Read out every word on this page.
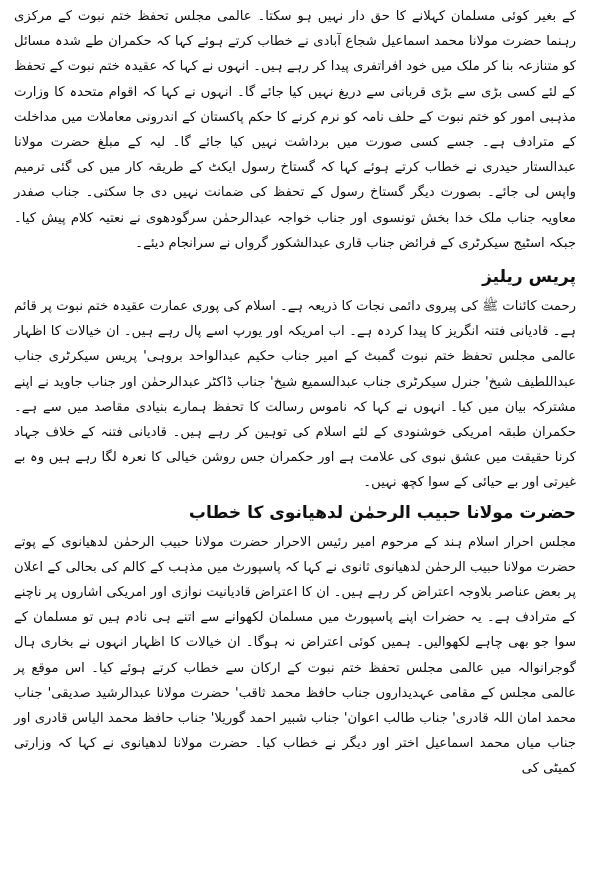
کے بغیر کوئی مسلمان کہلانے کا حق دار نہیں ہو سکتا۔ عالمی مجلس تحفظ ختم نبوت کے مرکزی رہنما حضرت مولانا محمد اسماعیل شجاع آبادی نے خطاب کرتے ہوئے کہا کہ حکمران طے شدہ مسائل کو متنازعہ بنا کر ملک میں خود افراتفری پیدا کر رہے ہیں۔ انہوں نے کہا کہ عقیدہ ختم نبوت کے تحفظ کے لئے کسی بڑی سے بڑی قربانی سے دریغ نہیں کیا جائے گا۔ انہوں نے کہا کہ اقوام متحدہ کا وزارت مذہبی امور کو ختم نبوت کے حلف نامہ کو نرم کرنے کا حکم پاکستان کے اندرونی معاملات میں مداخلت کے مترادف ہے۔ جسے کسی صورت میں برداشت نہیں کیا جائے گا۔ لیہ کے مبلغ حضرت مولانا عبدالستار حیدری نے خطاب کرتے ہوئے کہا کہ گستاخ رسول ایکٹ کے طریقہ کار میں کی گئی ترمیم واپس لی جائے۔ بصورت دیگر گستاخ رسول کے تحفظ کی ضمانت نہیں دی جا سکتی۔ جناب صفدر معاویہ جناب ملک خدا بخش تونسوی اور جناب خواجہ عبدالرحمٰن سرگودھوی نے نعتیہ کلام پیش کیا۔ جبکہ اسٹیج سیکرٹری کے فرائض جناب قاری عبدالشکور گرواں نے سرانجام دیئے۔

پریس ریلیز

رحمت کائنات ﷺ کی پیروی دائمی نجات کا ذریعہ ہے۔ اسلام کی پوری عمارت عقیدہ ختم نبوت پر قائم ہے۔ قادیانی فتنہ انگریز کا پیدا کردہ ہے۔ اب امریکہ اور یورپ اسے پال رہے ہیں۔ ان خیالات کا اظہار عالمی مجلس تحفظ ختم نبوت گمبٹ کے امیر جناب حکیم عبدالواحد بروہی' پریس سیکرٹری جناب عبداللطیف شیخ' جنرل سیکرٹری جناب عبدالسمیع شیخ' جناب ڈاکٹر عبدالرحمٰن اور جناب جاوید نے اپنے مشترکہ بیان میں کیا۔ انہوں نے کہا کہ ناموس رسالت کا تحفظ ہمارے بنیادی مقاصد میں سے ہے۔ حکمران طبقہ امریکی خوشنودی کے لئے اسلام کی توہین کر رہے ہیں۔ قادیانی فتنہ کے خلاف جہاد کرنا حقیقت میں عشق نبوی کی علامت ہے اور حکمران جس روشن خیالی کا نعرہ لگا رہے ہیں وہ بے غیرتی اور بے حیائی کے سوا کچھ نہیں۔

حضرت مولانا حبیب الرحمٰن لدھیانوی کا خطاب

مجلس احرار اسلام ہند کے مرحوم امیر رئیس الاحرار حضرت مولانا حبیب الرحمٰن لدھیانوی کے پوتے حضرت مولانا حبیب الرحمٰن لدھیانوی ثانوی نے کہا کہ پاسپورٹ میں مذہب کے کالم کی بحالی کے اعلان پر بعض عناصر بلاوجہ اعتراض کر رہے ہیں۔ ان کا اعتراض قادیانیت نوازی اور امریکی اشاروں پر ناچنے کے مترادف ہے۔ یہ حضرات اپنے پاسپورٹ میں مسلمان لکھوانے سے اتنے ہی نادم ہیں تو مسلمان کے سوا جو بھی چاہے لکھوالیں۔ ہمیں کوئی اعتراض نہ ہوگا۔ ان خیالات کا اظہار انہوں نے بخاری ہال گوجرانوالہ میں عالمی مجلس تحفظ ختم نبوت کے ارکان سے خطاب کرتے ہوئے کیا۔ اس موقع پر عالمی مجلس کے مقامی عہدیداروں جناب حافظ محمد ثاقب' حضرت مولانا عبدالرشید صدیقی' جناب محمد امان اللہ قادری' جناب طالب اعوان' جناب شبیر احمد گوریلا' جناب حافظ محمد الیاس قادری اور جناب میاں محمد اسماعیل اختر اور دیگر نے خطاب کیا۔ حضرت مولانا لدھیانوی نے کہا کہ وزارتی کمیٹی کی
